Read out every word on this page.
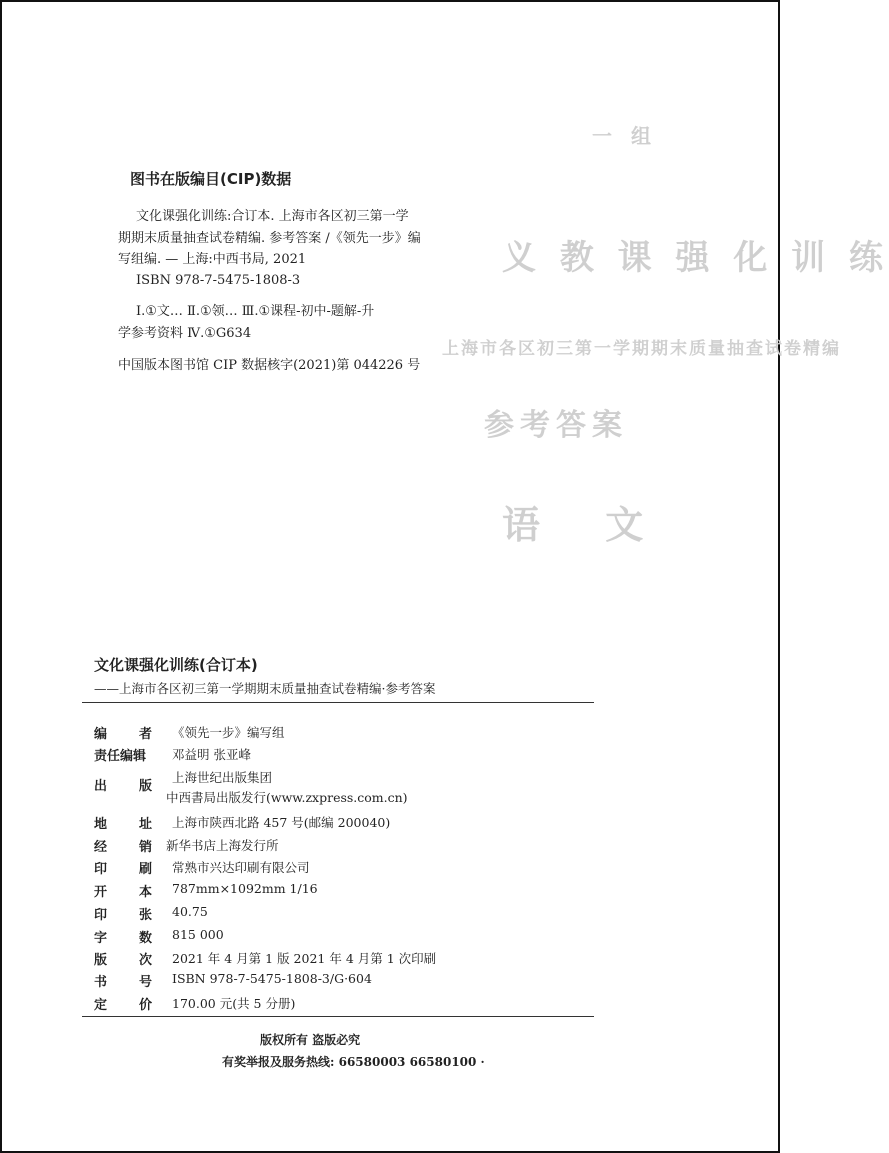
一 组
义 教 课 强 化 训 练
上海市各区初三第一学期期末质量抽查试卷精编
参考答案
语 文
图书在版编目(CIP)数据
文化课强化训练:合订本. 上海市各区初三第一学
期期末质量抽查试卷精编. 参考答案 /《领先一步》编
写组编. — 上海:中西书局, 2021
ISBN 978-7-5475-1808-3
Ⅰ.①文… Ⅱ.①领… Ⅲ.①课程-初中-题解-升
学参考资料 Ⅳ.①G634
中国版本图书馆 CIP 数据核字(2021)第 044226 号
文化课强化训练(合订本)
——上海市各区初三第一学期期末质量抽查试卷精编·参考答案
编 者 《领先一步》编写组
责任编辑	邓益明 张亚峰
出 版
上海世纪出版集团
中西書局出版发行(www.zxpress.com.cn)
地 址 上海市陕西北路 457 号(邮编 200040)
经 销 新华书店上海发行所
印 刷 常熟市兴达印刷有限公司
开 本 787mm×1092mm 1/16
印 张 40.75
字 数 815 000
版 次 2021 年 4 月第 1 版 2021 年 4 月第 1 次印刷
书 号 ISBN 978-7-5475-1808-3/G·604
定 价 170.00 元(共 5 分册)
版权所有 盗版必究
有奖举报及服务热线: 66580003 66580100 ·
